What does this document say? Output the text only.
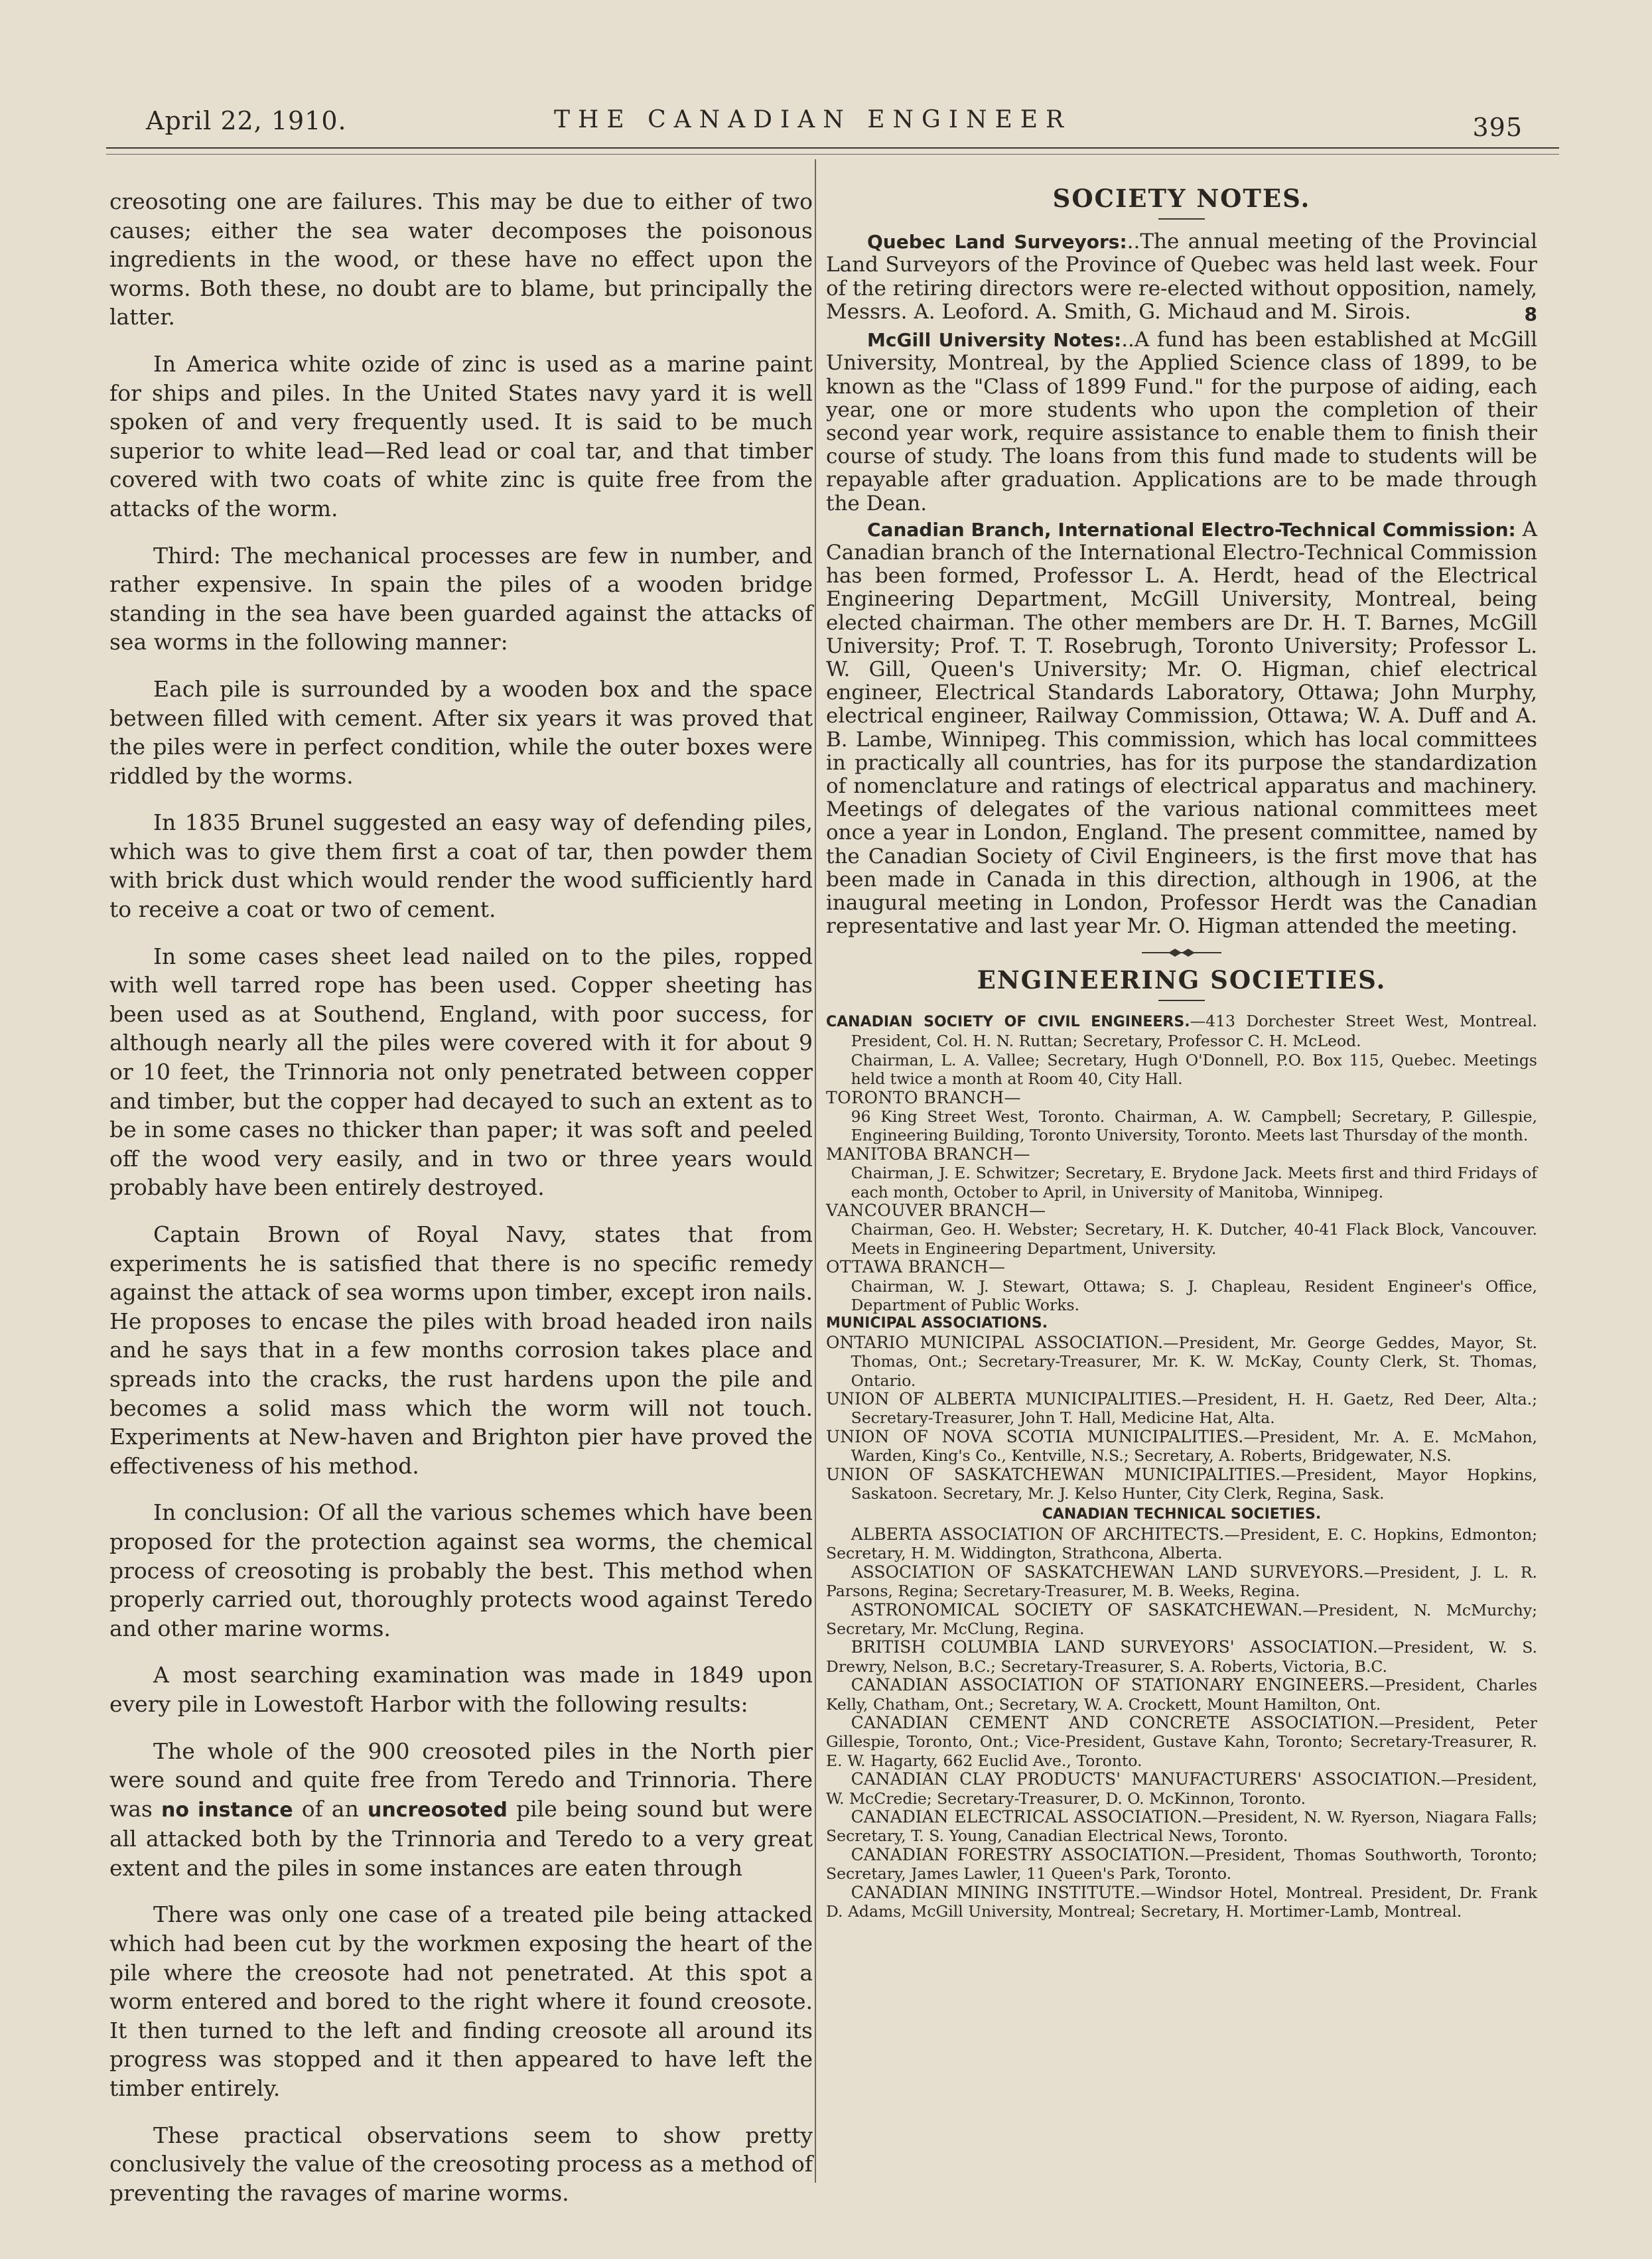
April 22, 1910.	THE CANADIAN ENGINEER	395

creosoting one are failures. This may be due to either of two causes; either the sea water decomposes the poisonous ingredients in the wood, or these have no effect upon the worms. Both these, no doubt are to blame, but principally the latter.

In America white ozide of zinc is used as a marine paint for ships and piles. In the United States navy yard it is well spoken of and very frequently used. It is said to be much superior to white lead—Red lead or coal tar, and that timber covered with two coats of white zinc is quite free from the attacks of the worm.

Third: The mechanical processes are few in number, and rather expensive. In spain the piles of a wooden bridge standing in the sea have been guarded against the attacks of sea worms in the following manner:

Each pile is surrounded by a wooden box and the space between filled with cement. After six years it was proved that the piles were in perfect condition, while the outer boxes were riddled by the worms.

In 1835 Brunel suggested an easy way of defending piles, which was to give them first a coat of tar, then powder them with brick dust which would render the wood sufficiently hard to receive a coat or two of cement.

In some cases sheet lead nailed on to the piles, ropped with well tarred rope has been used. Copper sheeting has been used as at Southend, England, with poor success, for although nearly all the piles were covered with it for about 9 or 10 feet, the Trinnoria not only penetrated between copper and timber, but the copper had decayed to such an extent as to be in some cases no thicker than paper; it was soft and peeled off the wood very easily, and in two or three years would probably have been entirely destroyed.

Captain Brown of Royal Navy, states that from experiments he is satisfied that there is no specific remedy against the attack of sea worms upon timber, except iron nails. He proposes to encase the piles with broad headed iron nails and he says that in a few months corrosion takes place and spreads into the cracks, the rust hardens upon the pile and becomes a solid mass which the worm will not touch. Experiments at New-haven and Brighton pier have proved the effectiveness of his method.

In conclusion: Of all the various schemes which have been proposed for the protection against sea worms, the chemical process of creosoting is probably the best. This method when properly carried out, thoroughly protects wood against Teredo and other marine worms.

A most searching examination was made in 1849 upon every pile in Lowestoft Harbor with the following results:

The whole of the 900 creosoted piles in the North pier were sound and quite free from Teredo and Trinnoria. There was no instance of an uncreosoted pile being sound but were all attacked both by the Trinnoria and Teredo to a very great extent and the piles in some instances are eaten through

There was only one case of a treated pile being attacked which had been cut by the workmen exposing the heart of the pile where the creosote had not penetrated. At this spot a worm entered and bored to the right where it found creosote. It then turned to the left and finding creosote all around its progress was stopped and it then appeared to have left the timber entirely.

These practical observations seem to show pretty conclusively the value of the creosoting process as a method of preventing the ravages of marine worms.

SOCIETY NOTES.

Quebec Land Surveyors:..The annual meeting of the Provincial Land Surveyors of the Province of Quebec was held last week. Four of the retiring directors were re-elected without opposition, namely, Messrs. A. Leoford. A. Smith, G. Michaud and M. Sirois.	8

McGill University Notes:..A fund has been established at McGill University, Montreal, by the Applied Science class of 1899, to be known as the "Class of 1899 Fund." for the purpose of aiding, each year, one or more students who upon the completion of their second year work, require assistance to enable them to finish their course of study. The loans from this fund made to students will be repayable after graduation. Applications are to be made through the Dean.

Canadian Branch, International Electro-Technical Commission: A Canadian branch of the International Electro-Technical Commission has been formed, Professor L. A. Herdt, head of the Electrical Engineering Department, McGill University, Montreal, being elected chairman. The other members are Dr. H. T. Barnes, McGill University; Prof. T. T. Rosebrugh, Toronto University; Professor L. W. Gill, Queen's University; Mr. O. Higman, chief electrical engineer, Electrical Standards Laboratory, Ottawa; John Murphy, electrical engineer, Railway Commission, Ottawa; W. A. Duff and A. B. Lambe, Winnipeg. This commission, which has local committees in practically all countries, has for its purpose the standardization of nomenclature and ratings of electrical apparatus and machinery. Meetings of delegates of the various national committees meet once a year in London, England. The present committee, named by the Canadian Society of Civil Engineers, is the first move that has been made in Canada in this direction, although in 1906, at the inaugural meeting in London, Professor Herdt was the Canadian representative and last year Mr. O. Higman attended the meeting.

ENGINEERING SOCIETIES.

CANADIAN SOCIETY OF CIVIL ENGINEERS.—413 Dorchester Street West, Montreal. President, Col. H. N. Ruttan; Secretary, Professor C. H. McLeod.

Chairman, L. A. Vallee; Secretary, Hugh O'Donnell, P.O. Box 115, Quebec. Meetings held twice a month at Room 40, City Hall.

TORONTO BRANCH—

96 King Street West, Toronto. Chairman, A. W. Campbell; Secretary, P. Gillespie, Engineering Building, Toronto University, Toronto. Meets last Thursday of the month.

MANITOBA BRANCH—

Chairman, J. E. Schwitzer; Secretary, E. Brydone Jack. Meets first and third Fridays of each month, October to April, in University of Manitoba, Winnipeg.

VANCOUVER BRANCH—

Chairman, Geo. H. Webster; Secretary, H. K. Dutcher, 40-41 Flack Block, Vancouver. Meets in Engineering Department, University.

OTTAWA BRANCH—

Chairman, W. J. Stewart, Ottawa; S. J. Chapleau, Resident Engineer's Office, Department of Public Works.

MUNICIPAL ASSOCIATIONS.

ONTARIO MUNICIPAL ASSOCIATION.—President, Mr. George Geddes, Mayor, St. Thomas, Ont.; Secretary-Treasurer, Mr. K. W. McKay, County Clerk, St. Thomas, Ontario.

UNION OF ALBERTA MUNICIPALITIES.—President, H. H. Gaetz, Red Deer, Alta.; Secretary-Treasurer, John T. Hall, Medicine Hat, Alta.

UNION OF NOVA SCOTIA MUNICIPALITIES.—President, Mr. A. E. McMahon, Warden, King's Co., Kentville, N.S.; Secretary, A. Roberts, Bridgewater, N.S.

UNION OF SASKATCHEWAN MUNICIPALITIES.—President, Mayor Hopkins, Saskatoon. Secretary, Mr. J. Kelso Hunter, City Clerk, Regina, Sask.

CANADIAN TECHNICAL SOCIETIES.

ALBERTA ASSOCIATION OF ARCHITECTS.—President, E. C. Hopkins, Edmonton; Secretary, H. M. Widdington, Strathcona, Alberta.

ASSOCIATION OF SASKATCHEWAN LAND SURVEYORS.—President, J. L. R. Parsons, Regina; Secretary-Treasurer, M. B. Weeks, Regina.

ASTRONOMICAL SOCIETY OF SASKATCHEWAN.—President, N. McMurchy; Secretary, Mr. McClung, Regina.

BRITISH COLUMBIA LAND SURVEYORS' ASSOCIATION.—President, W. S. Drewry, Nelson, B.C.; Secretary-Treasurer, S. A. Roberts, Victoria, B.C.

CANADIAN ASSOCIATION OF STATIONARY ENGINEERS.—President, Charles Kelly, Chatham, Ont.; Secretary, W. A. Crockett, Mount Hamilton, Ont.

CANADIAN CEMENT AND CONCRETE ASSOCIATION.—President, Peter Gillespie, Toronto, Ont.; Vice-President, Gustave Kahn, Toronto; Secretary-Treasurer, R. E. W. Hagarty, 662 Euclid Ave., Toronto.

CANADIAN CLAY PRODUCTS' MANUFACTURERS' ASSOCIATION.—President, W. McCredie; Secretary-Treasurer, D. O. McKinnon, Toronto.

CANADIAN ELECTRICAL ASSOCIATION.—President, N. W. Ryerson, Niagara Falls; Secretary, T. S. Young, Canadian Electrical News, Toronto.

CANADIAN FORESTRY ASSOCIATION.—President, Thomas Southworth, Toronto; Secretary, James Lawler, 11 Queen's Park, Toronto.

CANADIAN MINING INSTITUTE.—Windsor Hotel, Montreal. President, Dr. Frank D. Adams, McGill University, Montreal; Secretary, H. Mortimer-Lamb, Montreal.
